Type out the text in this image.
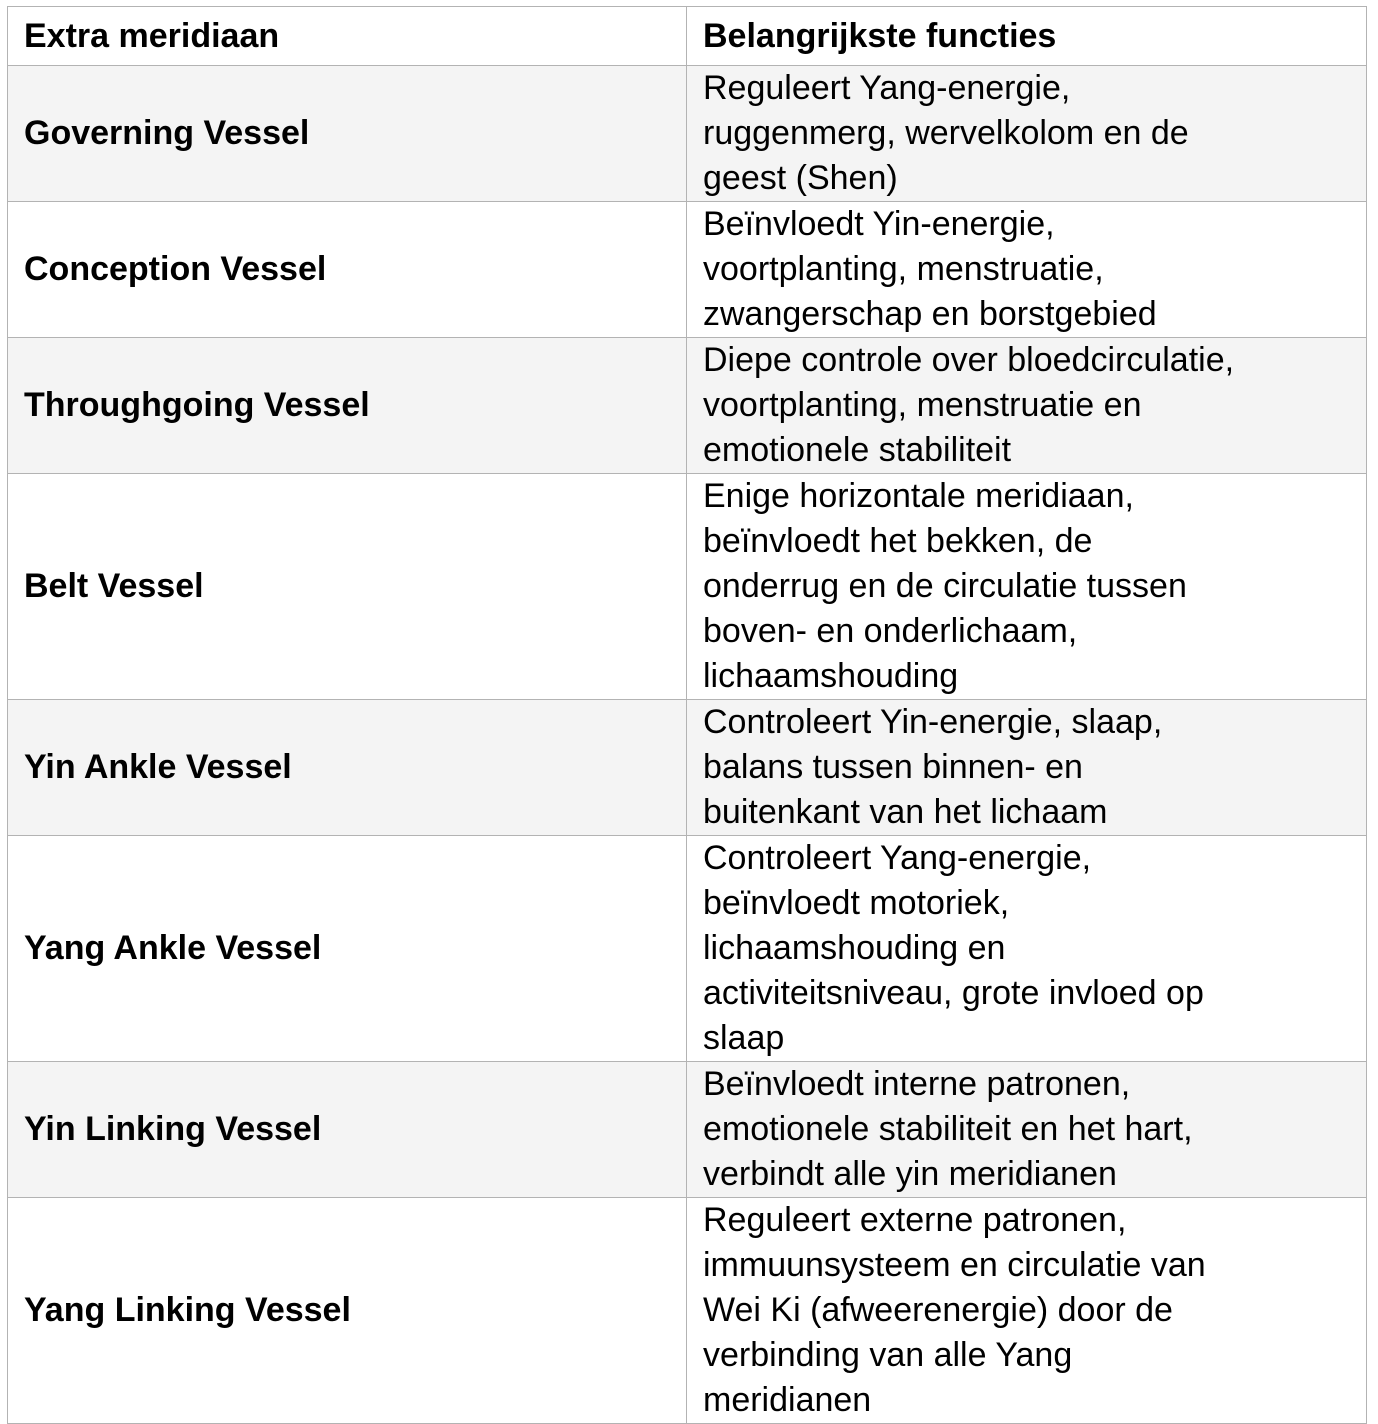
Extra meridiaan	Belangrijkste functies
Governing Vessel	Reguleert Yang-energie,
ruggenmerg, wervelkolom en de
geest (Shen)
Conception Vessel	Beïnvloedt Yin-energie,
voortplanting, menstruatie,
zwangerschap en borstgebied
Throughgoing Vessel	Diepe controle over bloedcirculatie,
voortplanting, menstruatie en
emotionele stabiliteit
Belt Vessel	Enige horizontale meridiaan,
beïnvloedt het bekken, de
onderrug en de circulatie tussen
boven- en onderlichaam,
lichaamshouding
Yin Ankle Vessel	Controleert Yin-energie, slaap,
balans tussen binnen- en
buitenkant van het lichaam
Yang Ankle Vessel	Controleert Yang-energie,
beïnvloedt motoriek,
lichaamshouding en
activiteitsniveau, grote invloed op
slaap
Yin Linking Vessel	Beïnvloedt interne patronen,
emotionele stabiliteit en het hart,
verbindt alle yin meridianen
Yang Linking Vessel	Reguleert externe patronen,
immuunsysteem en circulatie van
Wei Ki (afweerenergie) door de
verbinding van alle Yang
meridianen
